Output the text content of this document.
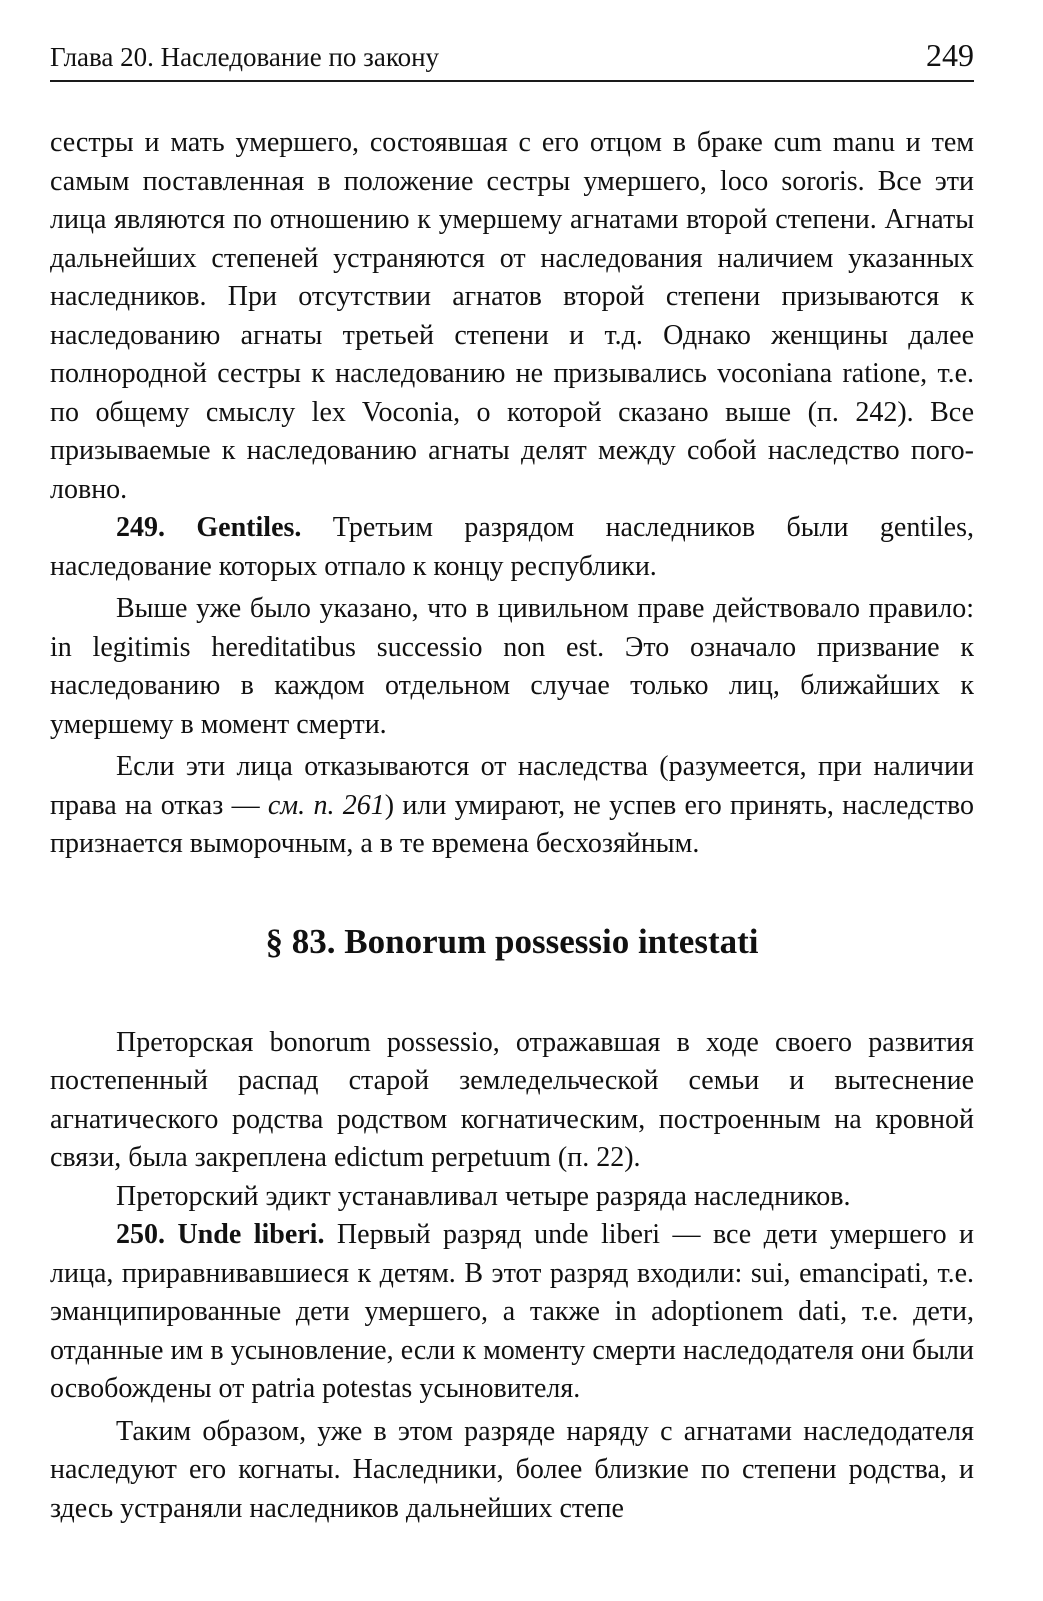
Глава 20. Наследование по закону	249

сестры и мать умершего, состоявшая с его отцом в браке cum manu и тем самым поставленная в положение сестры умершего, loco sororis. Все эти лица являются по отношению к умершему агнатами второй степени. Агнаты дальнейших степеней устраняются от наследования наличием указанных наследников. При отсутствии агнатов второй степени призываются к наследованию агнаты третьей степени и т.д. Однако женщины далее полнородной сестры к наследованию не призывались voconiana ratione, т.е. по общему смыслу lex Voconia, о которой сказано выше (п. 242). Все призываемые к наследованию агнаты делят между собой наследство поголовно.

249. Gentiles. Третьим разрядом наследников были gentiles, наследование которых отпало к концу республики.

Выше уже было указано, что в цивильном праве действовало правило: in legitimis hereditatibus successio non est. Это означало призвание к наследованию в каждом отдельном случае только лиц, ближайших к умершему в момент смерти.

Если эти лица отказываются от наследства (разумеется, при наличии права на отказ — см. п. 261) или умирают, не успев его принять, наследство признается выморочным, а в те времена бесхозяйным.

§ 83. Bonorum possessio intestati

Преторская bonorum possessio, отражавшая в ходе своего развития постепенный распад старой земледельческой семьи и вытеснение агнатического родства родством когнатическим, построенным на кровной связи, была закреплена edictum perpetuum (п. 22).

Преторский эдикт устанавливал четыре разряда наследников.

250. Unde liberi. Первый разряд unde liberi — все дети умершего и лица, приравнивавшиеся к детям. В этот разряд входили: sui, emancipati, т.е. эманципированные дети умершего, а также in adoptionem dati, т.е. дети, отданные им в усыновление, если к моменту смерти наследодателя они были освобождены от patria potestas усыновителя.

Таким образом, уже в этом разряде наряду с агнатами наследодателя наследуют его когнаты. Наследники, более близкие по степени родства, и здесь устраняли наследников дальнейших степе
